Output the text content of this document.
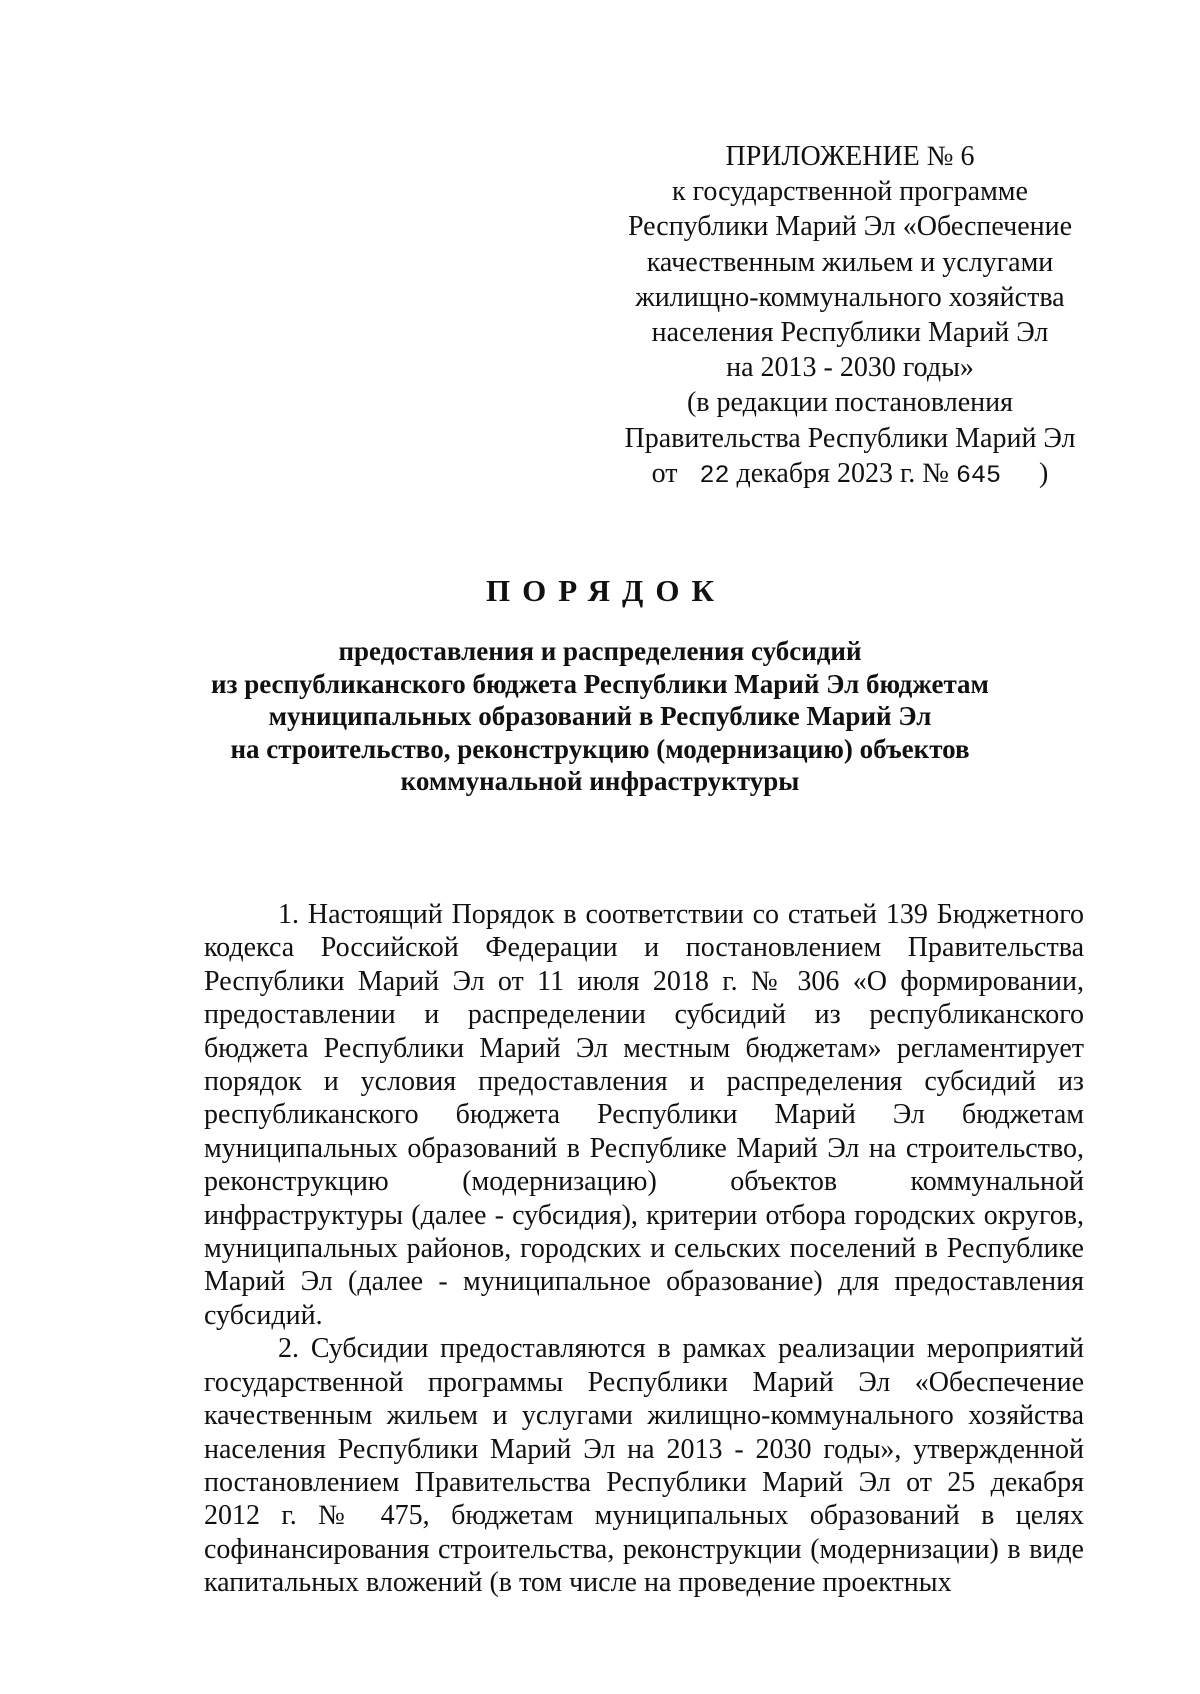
ПРИЛОЖЕНИЕ № 6
к государственной программе
Республики Марий Эл «Обеспечение
качественным жильем и услугами
жилищно-коммунального хозяйства
населения Республики Марий Эл
на 2013 - 2030 годы»
(в редакции постановления
Правительства Республики Марий Эл
от 22 декабря 2023 г. № 645 )
ПОРЯДОК
предоставления и распределения субсидий
из республиканского бюджета Республики Марий Эл бюджетам
муниципальных образований в Республике Марий Эл
на строительство, реконструкцию (модернизацию) объектов
коммунальной инфраструктуры

1. Настоящий Порядок в соответствии со статьей 139 Бюджетного кодекса Российской Федерации и постановлением Правительства Республики Марий Эл от 11 июля 2018 г. № 306 «О формировании, предоставлении и распределении субсидий из республиканского бюджета Республики Марий Эл местным бюджетам» регламентирует порядок и условия предоставления и распределения субсидий из республиканского бюджета Республики Марий Эл бюджетам муниципальных образований в Республике Марий Эл на строительство, реконструкцию (модернизацию) объектов коммунальной инфраструктуры (далее - субсидия), критерии отбора городских округов, муниципальных районов, городских и сельских поселений в Республике Марий Эл (далее - муниципальное образование) для предоставления субсидий.

2. Субсидии предоставляются в рамках реализации мероприятий государственной программы Республики Марий Эл «Обеспечение качественным жильем и услугами жилищно-коммунального хозяйства населения Республики Марий Эл на 2013 - 2030 годы», утвержденной постановлением Правительства Республики Марий Эл от 25 декабря 2012 г. № 475, бюджетам муниципальных образований в целях софинансирования строительства, реконструкции (модернизации) в виде капитальных вложений (в том числе на проведение проектных
